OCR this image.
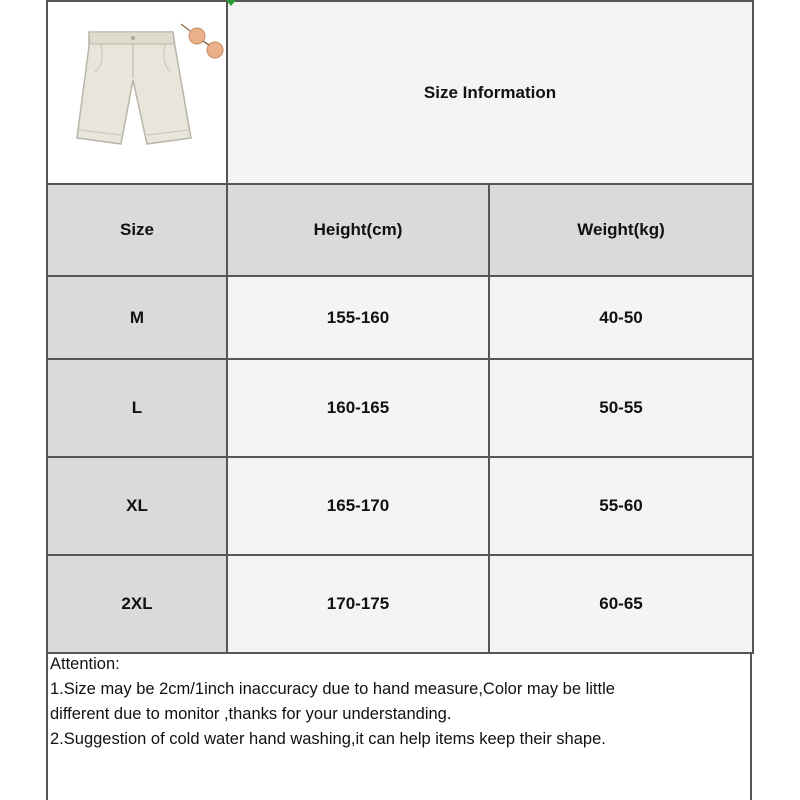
	Size Information	
Size	Height(cm)	Weight(kg)
M	155-160	40-50
L	160-165	50-55
XL	165-170	55-60
2XL	170-175	60-65
Attention:
1.Size may be 2cm/1inch inaccuracy due to hand measure,Color may be little
different due to monitor ,thanks for your understanding.
2.Suggestion of cold water hand washing,it can help items keep their shape.
